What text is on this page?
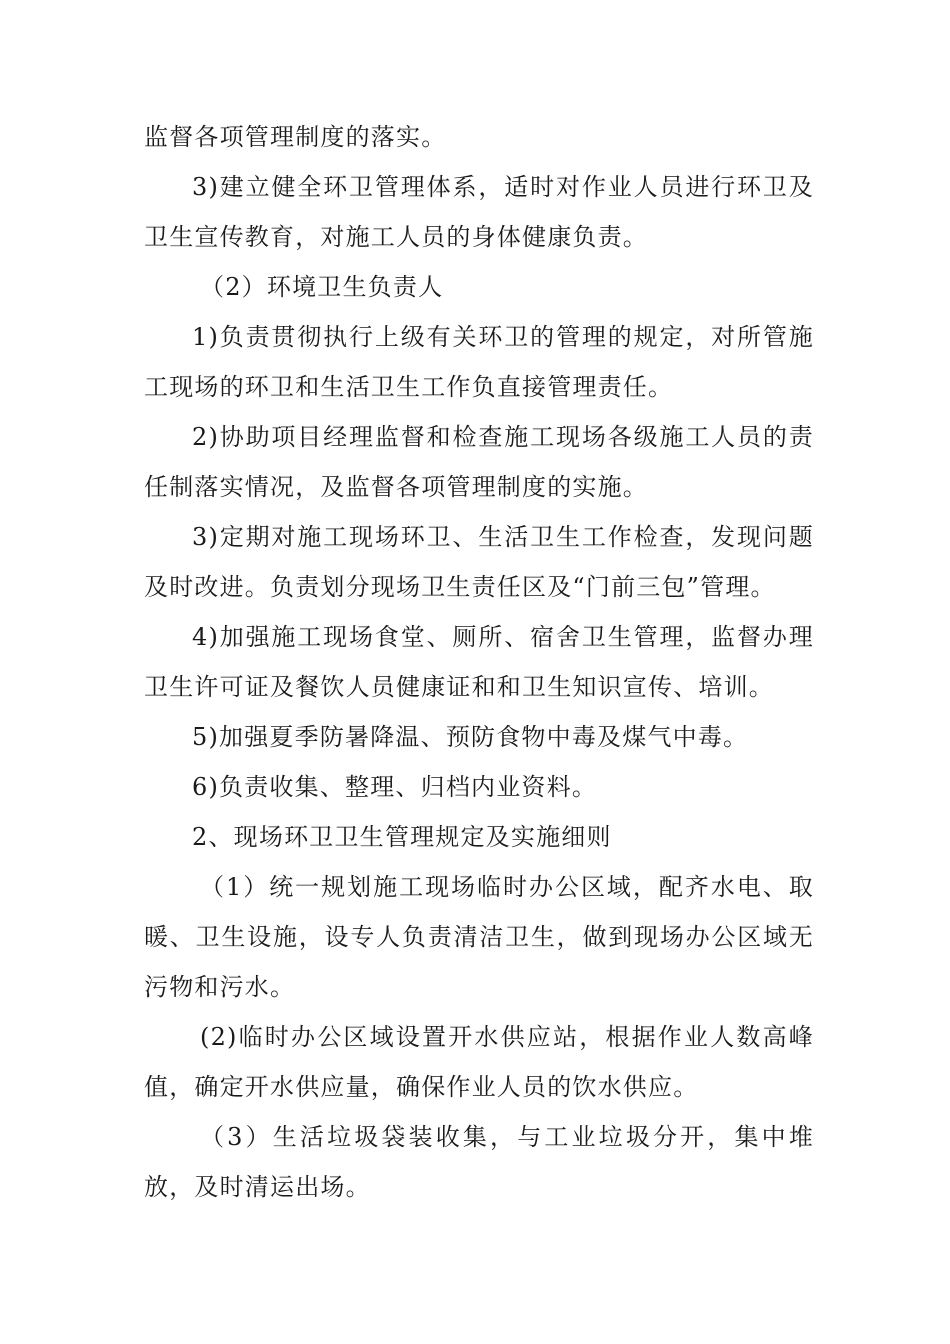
监督各项管理制度的落实。

3)建立健全环卫管理体系，适时对作业人员进行环卫及卫生宣传教育，对施工人员的身体健康负责。

（2）环境卫生负责人

1)负责贯彻执行上级有关环卫的管理的规定，对所管施工现场的环卫和生活卫生工作负直接管理责任。

2)协助项目经理监督和检查施工现场各级施工人员的责任制落实情况，及监督各项管理制度的实施。

3)定期对施工现场环卫、生活卫生工作检查，发现问题及时改进。负责划分现场卫生责任区及“门前三包”管理。

4)加强施工现场食堂、厕所、宿舍卫生管理，监督办理卫生许可证及餐饮人员健康证和和卫生知识宣传、培训。

5)加强夏季防暑降温、预防食物中毒及煤气中毒。

6)负责收集、整理、归档内业资料。

2、现场环卫卫生管理规定及实施细则

（1）统一规划施工现场临时办公区域，配齐水电、取暖、卫生设施，设专人负责清洁卫生，做到现场办公区域无污物和污水。

(2)临时办公区域设置开水供应站，根据作业人数高峰值，确定开水供应量，确保作业人员的饮水供应。

（3）生活垃圾袋装收集，与工业垃圾分开，集中堆放，及时清运出场。
